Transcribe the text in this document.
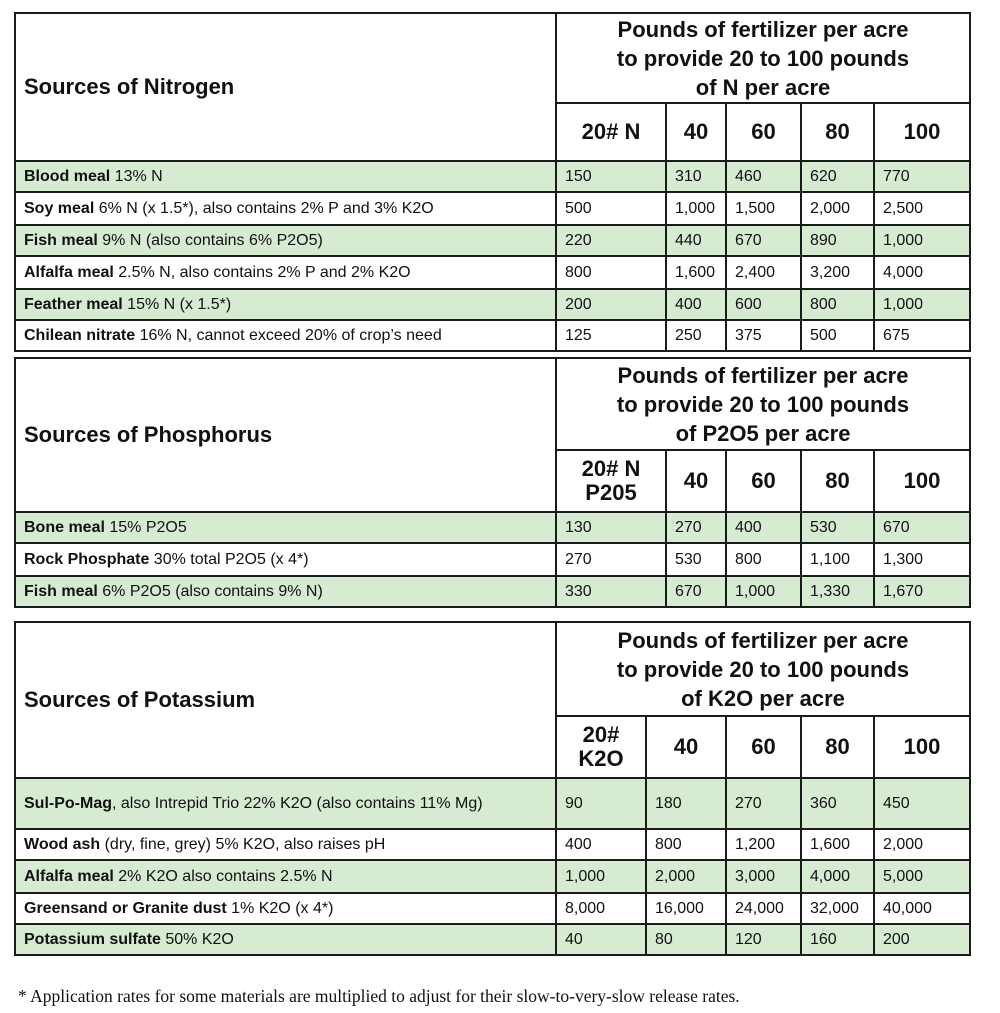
Sources of Nitrogen	Pounds of fertilizer per acre
to provide 20 to 100 pounds
of N per acre				

	20# N	40	60	80	100
Blood meal 13% N	150	310	460	620	770
Soy meal 6% N (x 1.5*), also contains 2% P and 3% K2O	500	1,000	1,500	2,000	2,500
Fish meal 9% N (also contains 6% P2O5)	220	440	670	890	1,000
Alfalfa meal 2.5% N, also contains 2% P and 2% K2O	800	1,600	2,400	3,200	4,000
Feather meal 15% N (x 1.5*)	200	400	600	800	1,000
Chilean nitrate 16% N, cannot exceed 20% of crop’s need	125	250	375	500	675
Sources of Phosphorus	Pounds of fertilizer per acre
to provide 20 to 100 pounds
of P2O5 per acre				

	20# N
P205	40	60	80	100
Bone meal 15% P2O5	130	270	400	530	670
Rock Phosphate 30% total P2O5 (x 4*)	270	530	800	1,100	1,300
Fish meal 6% P2O5 (also contains 9% N)	330	670	1,000	1,330	1,670
Sources of Potassium	Pounds of fertilizer per acre
to provide 20 to 100 pounds
of K2O per acre				

	20#
K2O	40	60	80	100
Sul-Po-Mag, also Intrepid Trio 22% K2O (also contains 11% Mg)	90	180	270	360	450
Wood ash (dry, fine, grey) 5% K2O, also raises pH	400	800	1,200	1,600	2,000
Alfalfa meal 2% K2O also contains 2.5% N	1,000	2,000	3,000	4,000	5,000
Greensand or Granite dust 1% K2O (x 4*)	8,000	16,000	24,000	32,000	40,000
Potassium sulfate 50% K2O	40	80	120	160	200
* Application rates for some materials are multiplied to adjust for their slow-to-very-slow release rates.
